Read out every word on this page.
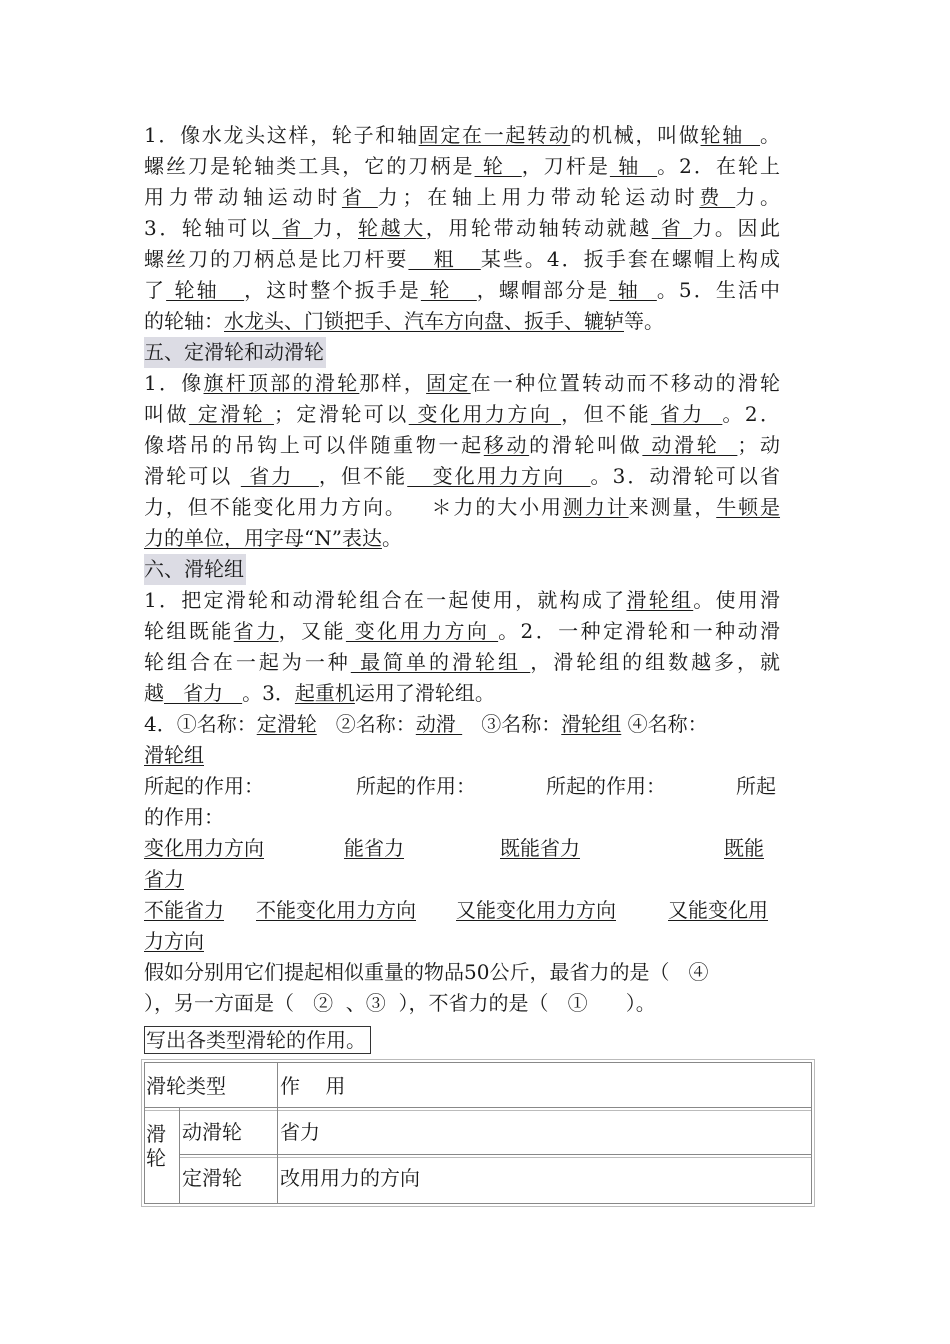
1．像水龙头这样，轮子和轴固定在一起转动的机械，叫做轮轴  。
螺丝刀是轮轴类工具，它的刀柄是 轮  ，刀杆是 轴  。2．在轮上
用力带动轴运动时省 力；在轴上用力带动轮运动时费 力。
3．轮轴可以 省 力，轮越大，用轮带动轴转动就越 省 力。因此
螺丝刀的刀柄总是比刀杆要   粗   某些。4．扳手套在螺帽上构成
了 轮轴   ，这时整个扳手是 轮   ，螺帽部分是 轴  。5．生活中
的轮轴：水龙头、门锁把手、汽车方向盘、扳手、辘轳等。
五、定滑轮和动滑轮
1．像旗杆顶部的滑轮那样，固定在一种位置转动而不移动的滑轮
叫做 定滑轮 ；定滑轮可以 变化用力方向 ，但不能 省力  。2．
像塔吊的吊钩上可以伴随重物一起移动的滑轮叫做 动滑轮  ；动
滑轮可以  省力   ，但不能   变化用力方向   。3．动滑轮可以省
力，但不能变化用力方向。   ＊力的大小用测力计来测量，牛顿是
力的单位，用字母“N”表达。
六、滑轮组
1．把定滑轮和动滑轮组合在一起使用，就构成了滑轮组。使用滑
轮组既能省力，又能 变化用力方向 。2．一种定滑轮和一种动滑
轮组合在一起为一种 最简单的滑轮组 ，滑轮组的组数越多，就
越   省力   。3．起重机运用了滑轮组。
4．①名称：定滑轮   ②名称：动滑    ③名称：滑轮组 ④名称：
滑轮组
所起的作用：	所起的作用：	所起的作用：	所起
的作用：
变化用力方向	能省力	既能省力	既能
省力
不能省力 不能变化用力方向 又能变化用力方向	又能变化用
力方向
假如分别用它们提起相似重量的物品50公斤，最省力的是（   ④
），另一方面是（   ②  、③  ），不省力的是（   ①      ）。
写出各类型滑轮的作用。
滑轮类型	作    用
滑
轮
动滑轮 省力
定滑轮 改用用力的方向
